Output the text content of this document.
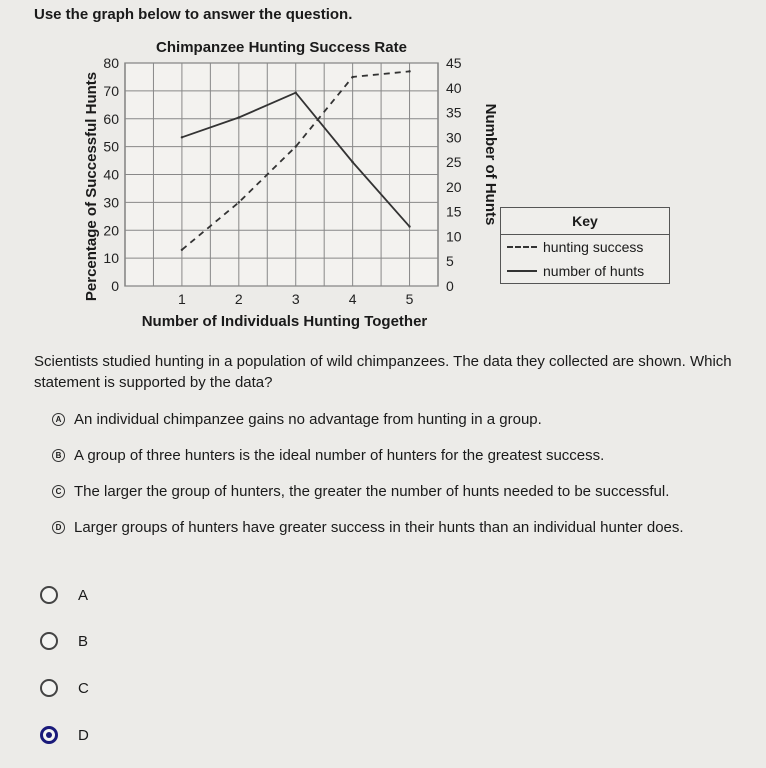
Use the graph below to answer the question.
0
10
20
30
40
50
60
70
80
0
5
10
15
20
25
30
35
40
45
1	2	3	4	5
Chimpanzee Hunting Success Rate
Number of Individuals Hunting Together
Percentage of Successful Hunts	Number of Hunts	Key
hunting success
number of hunts
Scientists studied hunting in a population of wild chimpanzees. The data they collected are shown. Which statement is supported by the data?
A An individual chimpanzee gains no advantage from hunting in a group.
B A group of three hunters is the ideal number of hunters for the greatest success.
C The larger the group of hunters, the greater the number of hunts needed to be successful.
D Larger groups of hunters have greater success in their hunts than an individual hunter does.
A
B
C
D
